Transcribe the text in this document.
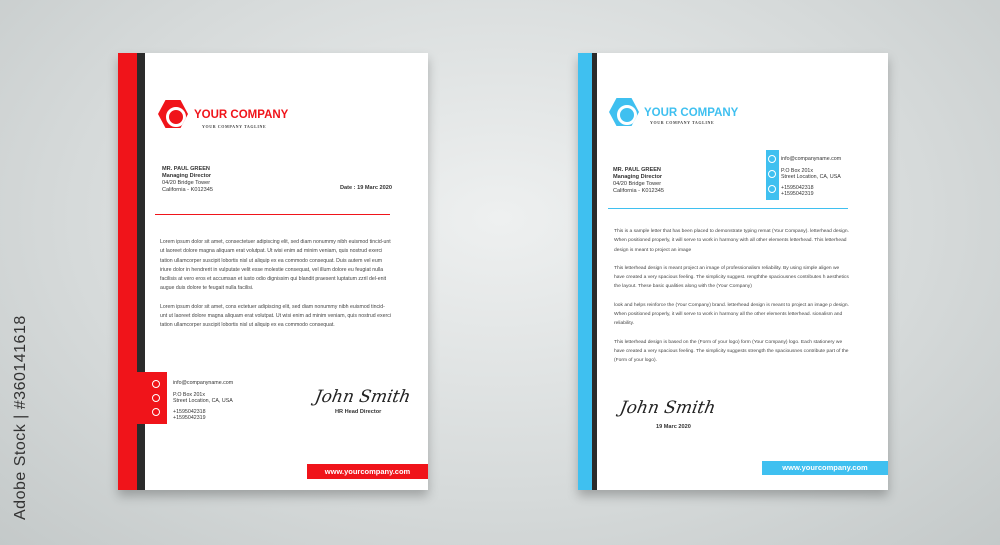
Adobe Stock | #360141618
YOUR COMPANY
YOUR COMPANY TAGLINE
MR. PAUL GREEN
Managing Director
04/20 Bridge Tower
California - K012345	Date : 19 Marc 2020

Lorem ipsum dolor sit amet, consectetuer adipiscing elit, sed diam nonummy nibh euismod tincid-unt ut laoreet dolore magna aliquam erat volutpat. Ut wisi enim ad minim veniam, quis nostrud exerci tation ullamcorper suscipit lobortis nisl ut aliquip ex ea commodo consequat. Duis autem vel eum iriure dolor in hendrerit in vulputate velit esse molestie consequat, vel illum dolore eu feugiat nulla facilisis at vero eros et accumsan et iusto odio dignissim qui blandit praesent luptatum zzril del-enit augue duis dolore te feugait nulla facilisi.

Lorem ipsum dolor sit amet, cons ectetuer adipiscing elit, sed diam nonummy nibh euismod tincid-unt ut laoreet dolore magna aliquam erat volutpat. Ut wisi enim ad minim veniam, quis nostrud exerci tation ullamcorper suscipit lobortis nisl ut aliquip ex ea commodo consequat.

info@companyname.com
P.O Box 201x
Street Location, CA, USA
+1595042318
+1595042319
John Smith
HR Head Director
www.yourcompany.com
YOUR COMPANY
YOUR COMPANY TAGLINE
MR. PAUL GREEN
Managing Director
04/20 Bridge Tower
California - K012345
info@companyname.com
P.O Box 201x
Street Location, CA, USA
+1595042318
+1595042319

This is a sample letter that has been placed to demonstrate typing remat (Your Company). letterhead design. When positioned properly, it will serve to work in harmony with all other elements letterhead. This letterhead design is meant to project an image

This letterhead design is meant project an image of professionalism reliability. By using simple aligen we have created a very spacious feeling. The simplicity suggest. rengththe spaciousnes contributes h aesthetics the layout. These basic qualities along with the (Your Company)

look and helps reinforce the (Your Company) brand. letterhead design is meant to project an image p design. When positioned properly, it will serve to work in harmony all the other elements letterhead. sionalism and reliability.

This letterhead design is based on the (Form of your logo) form (Your Company) logo. Each stationery we have created a very spacious feeling. The simplicity suggests strength the spaciousnes contribute part of the (Form of your logo).

John Smith
19 Marc 2020
www.yourcompany.com
